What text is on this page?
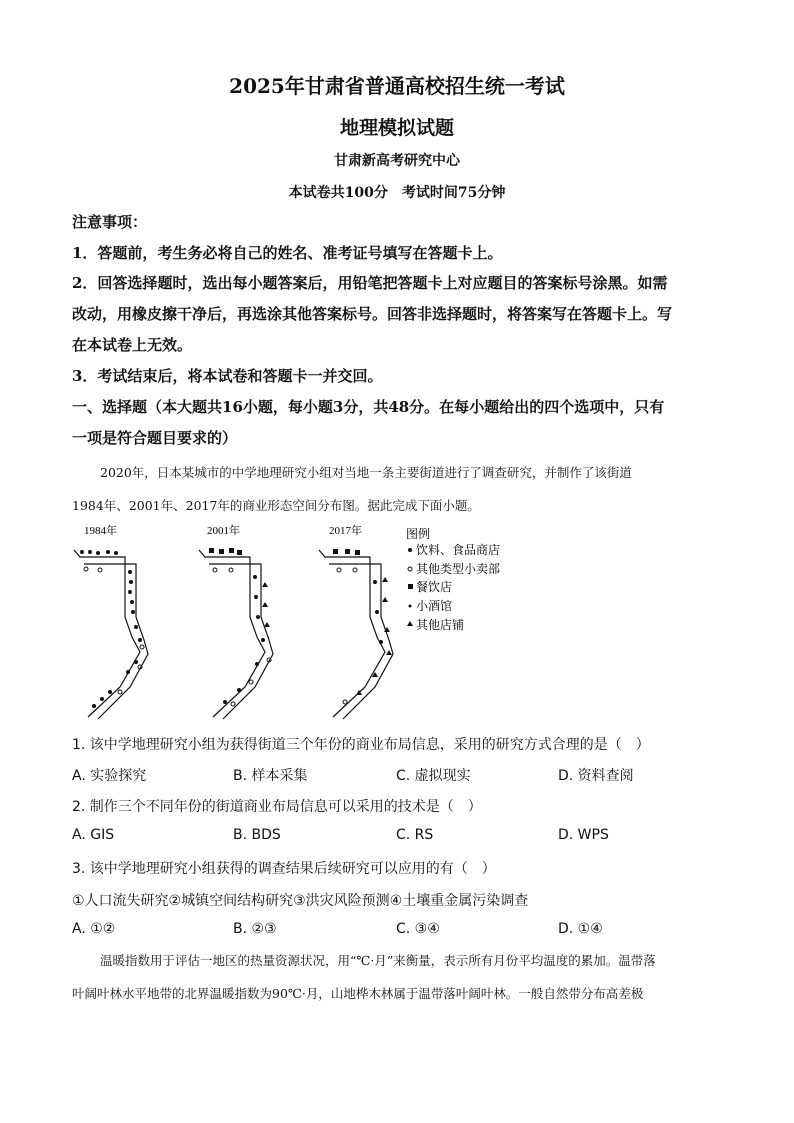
2025年甘肃省普通高校招生统一考试
地理模拟试题
甘肃新高考研究中心
本试卷共100分　考试时间75分钟
注意事项：
1．答题前，考生务必将自己的姓名、准考证号填写在答题卡上。
2．回答选择题时，选出每小题答案后，用铅笔把答题卡上对应题目的答案标号涂黑。如需
改动，用橡皮擦干净后，再选涂其他答案标号。回答非选择题时，将答案写在答题卡上。写
在本试卷上无效。
3．考试结束后，将本试卷和答题卡一并交回。
一、选择题（本大题共16小题，每小题3分，共48分。在每小题给出的四个选项中，只有
一项是符合题目要求的）
2020年，日本某城市的中学地理研究小组对当地一条主要街道进行了调查研究，并制作了该街道
1984年、2001年、2017年的商业形态空间分布图。据此完成下面小题。
1984年	2001年	2017年	图例
饮料、食品商店
其他类型小卖部
餐饮店
小酒馆
其他店铺
1. 该中学地理研究小组为获得街道三个年份的商业布局信息，采用的研究方式合理的是（　）
A. 实验探究	B. 样本采集	C. 虚拟现实	D. 资料查阅
2. 制作三个不同年份的街道商业布局信息可以采用的技术是（　）
A. GIS	B. BDS	C. RS	D. WPS
3. 该中学地理研究小组获得的调查结果后续研究可以应用的有（　）
①人口流失研究②城镇空间结构研究③洪灾风险预测④土壤重金属污染调查
A. ①②	B. ②③	C. ③④	D. ①④
温暖指数用于评估一地区的热量资源状况，用“℃·月”来衡量，表示所有月份平均温度的累加。温带落
叶阔叶林水平地带的北界温暖指数为90℃·月，山地桦木林属于温带落叶阔叶林。一般自然带分布高差极
